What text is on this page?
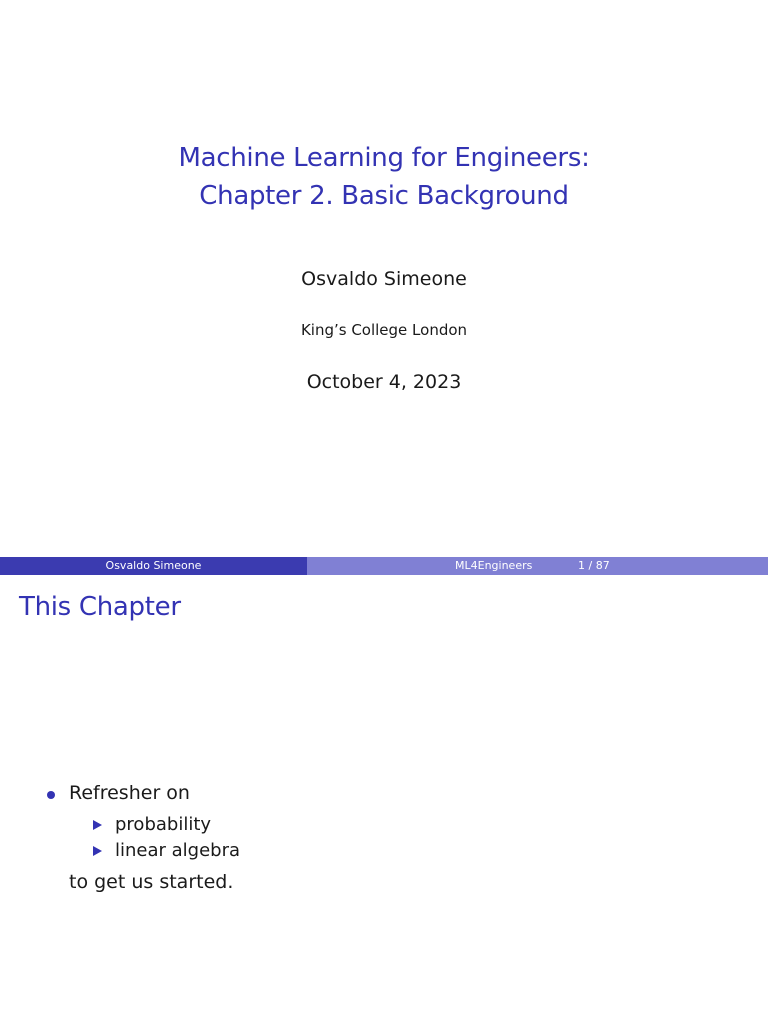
Machine Learning for Engineers:
Chapter 2. Basic Background
Osvaldo Simeone
King’s College London
October 4, 2023
Osvaldo Simeone	ML4Engineers	1 / 87
This Chapter
Refresher on
probability
linear algebra
to get us started.
